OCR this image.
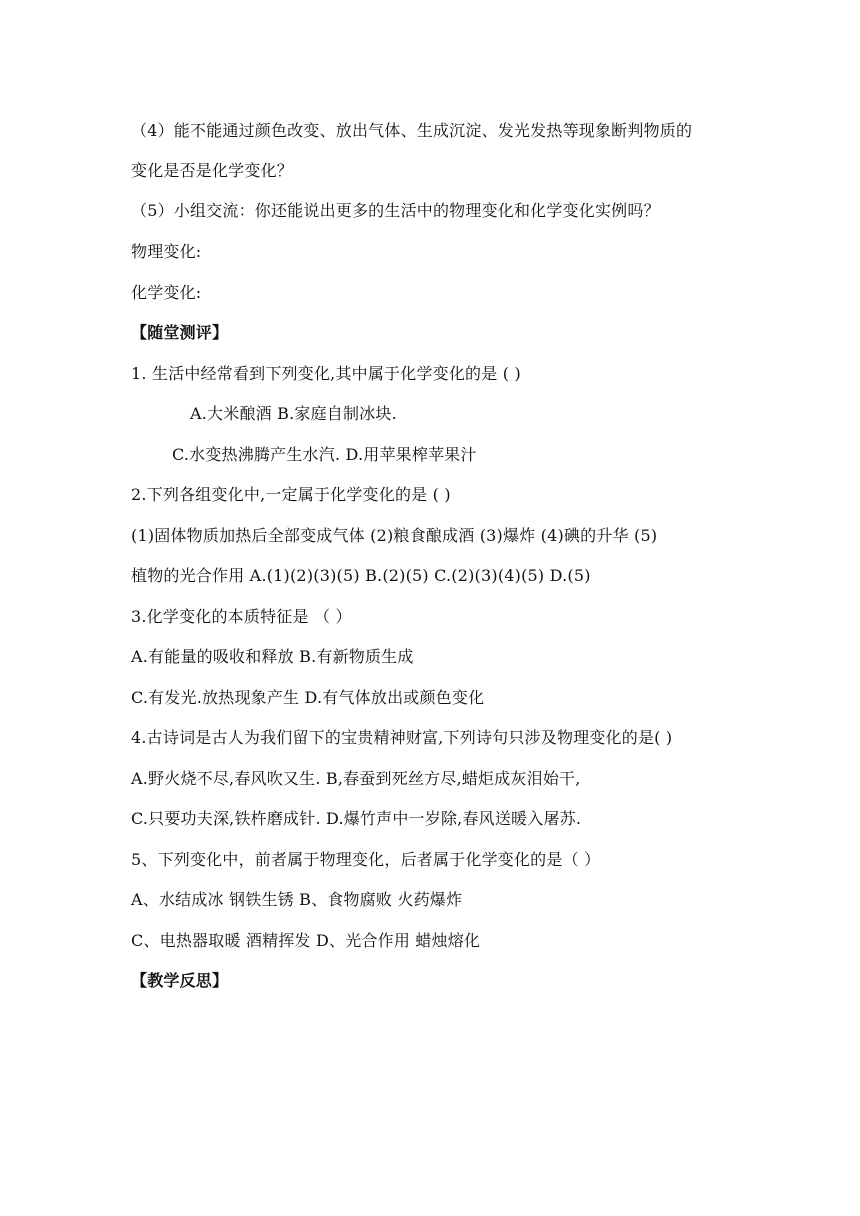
（4）能不能通过颜色改变、放出气体、生成沉淀、发光发热等现象断判物质的
变化是否是化学变化？
（5）小组交流：你还能说出更多的生活中的物理变化和化学变化实例吗？
物理变化:
化学变化:
【随堂测评】
1. 生活中经常看到下列变化,其中属于化学变化的是 ( )
A.大米酿酒 B.家庭自制冰块.
C.水变热沸腾产生水汽. D.用苹果榨苹果汁
2.下列各组变化中,一定属于化学变化的是 ( )
(1)固体物质加热后全部变成气体 (2)粮食酿成酒 (3)爆炸 (4)碘的升华 (5)
植物的光合作用 A.(1)(2)(3)(5) B.(2)(5) C.(2)(3)(4)(5) D.(5)
3.化学变化的本质特征是 （ ）
A.有能量的吸收和释放 B.有新物质生成
C.有发光.放热现象产生 D.有气体放出或颜色变化
4.古诗词是古人为我们留下的宝贵精神财富,下列诗句只涉及物理变化的是( )
A.野火烧不尽,春风吹又生. B,春蚕到死丝方尽,蜡炬成灰泪始干,
C.只要功夫深,铁杵磨成针. D.爆竹声中一岁除,春风送暖入屠苏.
5、下列变化中，前者属于物理变化，后者属于化学变化的是（ ）
A、水结成冰 钢铁生锈 B、食物腐败 火药爆炸
C、电热器取暖 酒精挥发 D、光合作用 蜡烛熔化
【教学反思】
